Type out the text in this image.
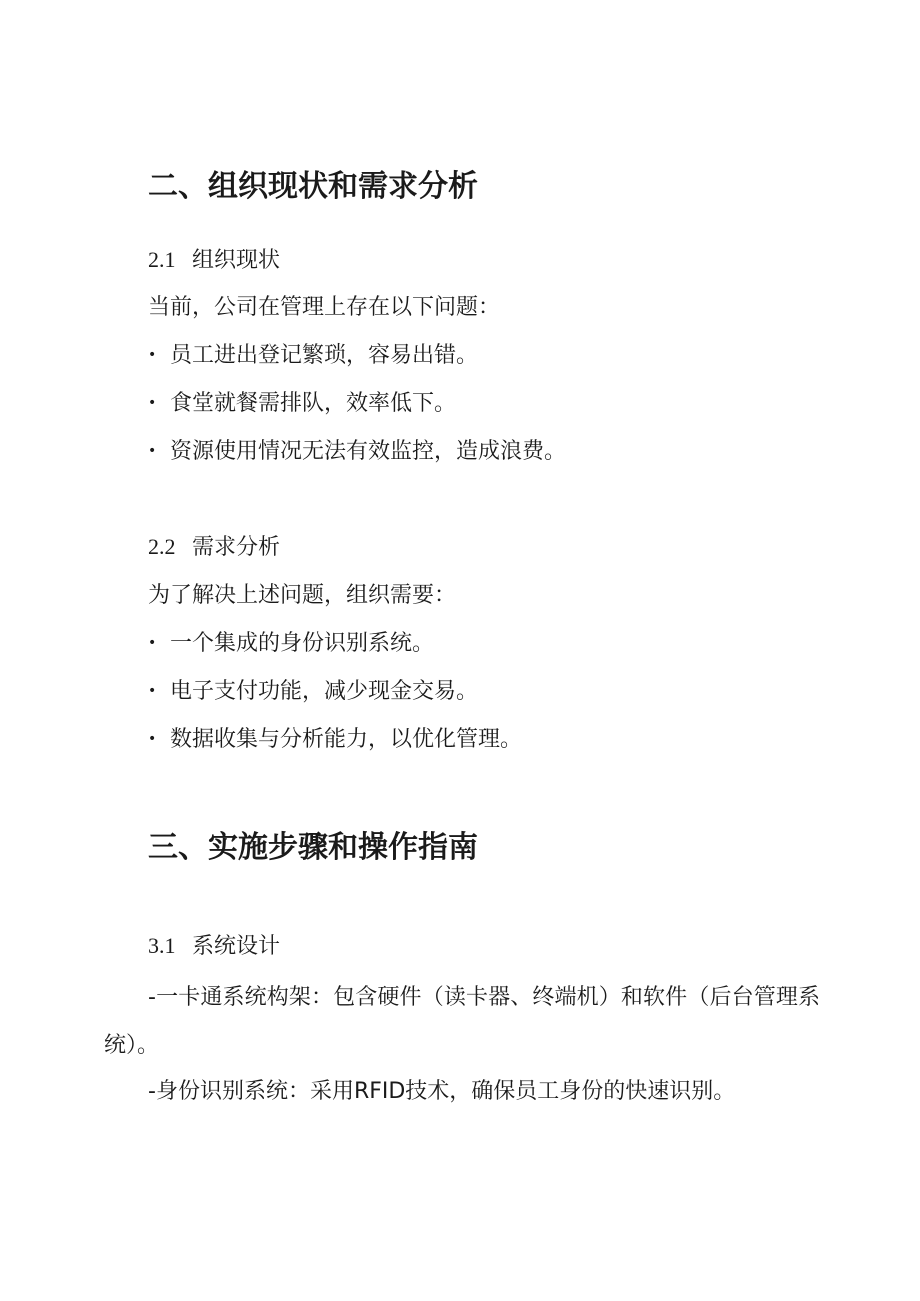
二、组织现状和需求分析
2.1 组织现状

当前，公司在管理上存在以下问题：

• 员工进出登记繁琐，容易出错。
• 食堂就餐需排队，效率低下。
• 资源使用情况无法有效监控，造成浪费。
2.2 需求分析

为了解决上述问题，组织需要：

• 一个集成的身份识别系统。
• 电子支付功能，减少现金交易。
• 数据收集与分析能力，以优化管理。
三、实施步骤和操作指南
3.1 系统设计

-一卡通系统构架：包含硬件（读卡器、终端机）和软件（后台管理系统）。

-身份识别系统：采用RFID技术，确保员工身份的快速识别。
